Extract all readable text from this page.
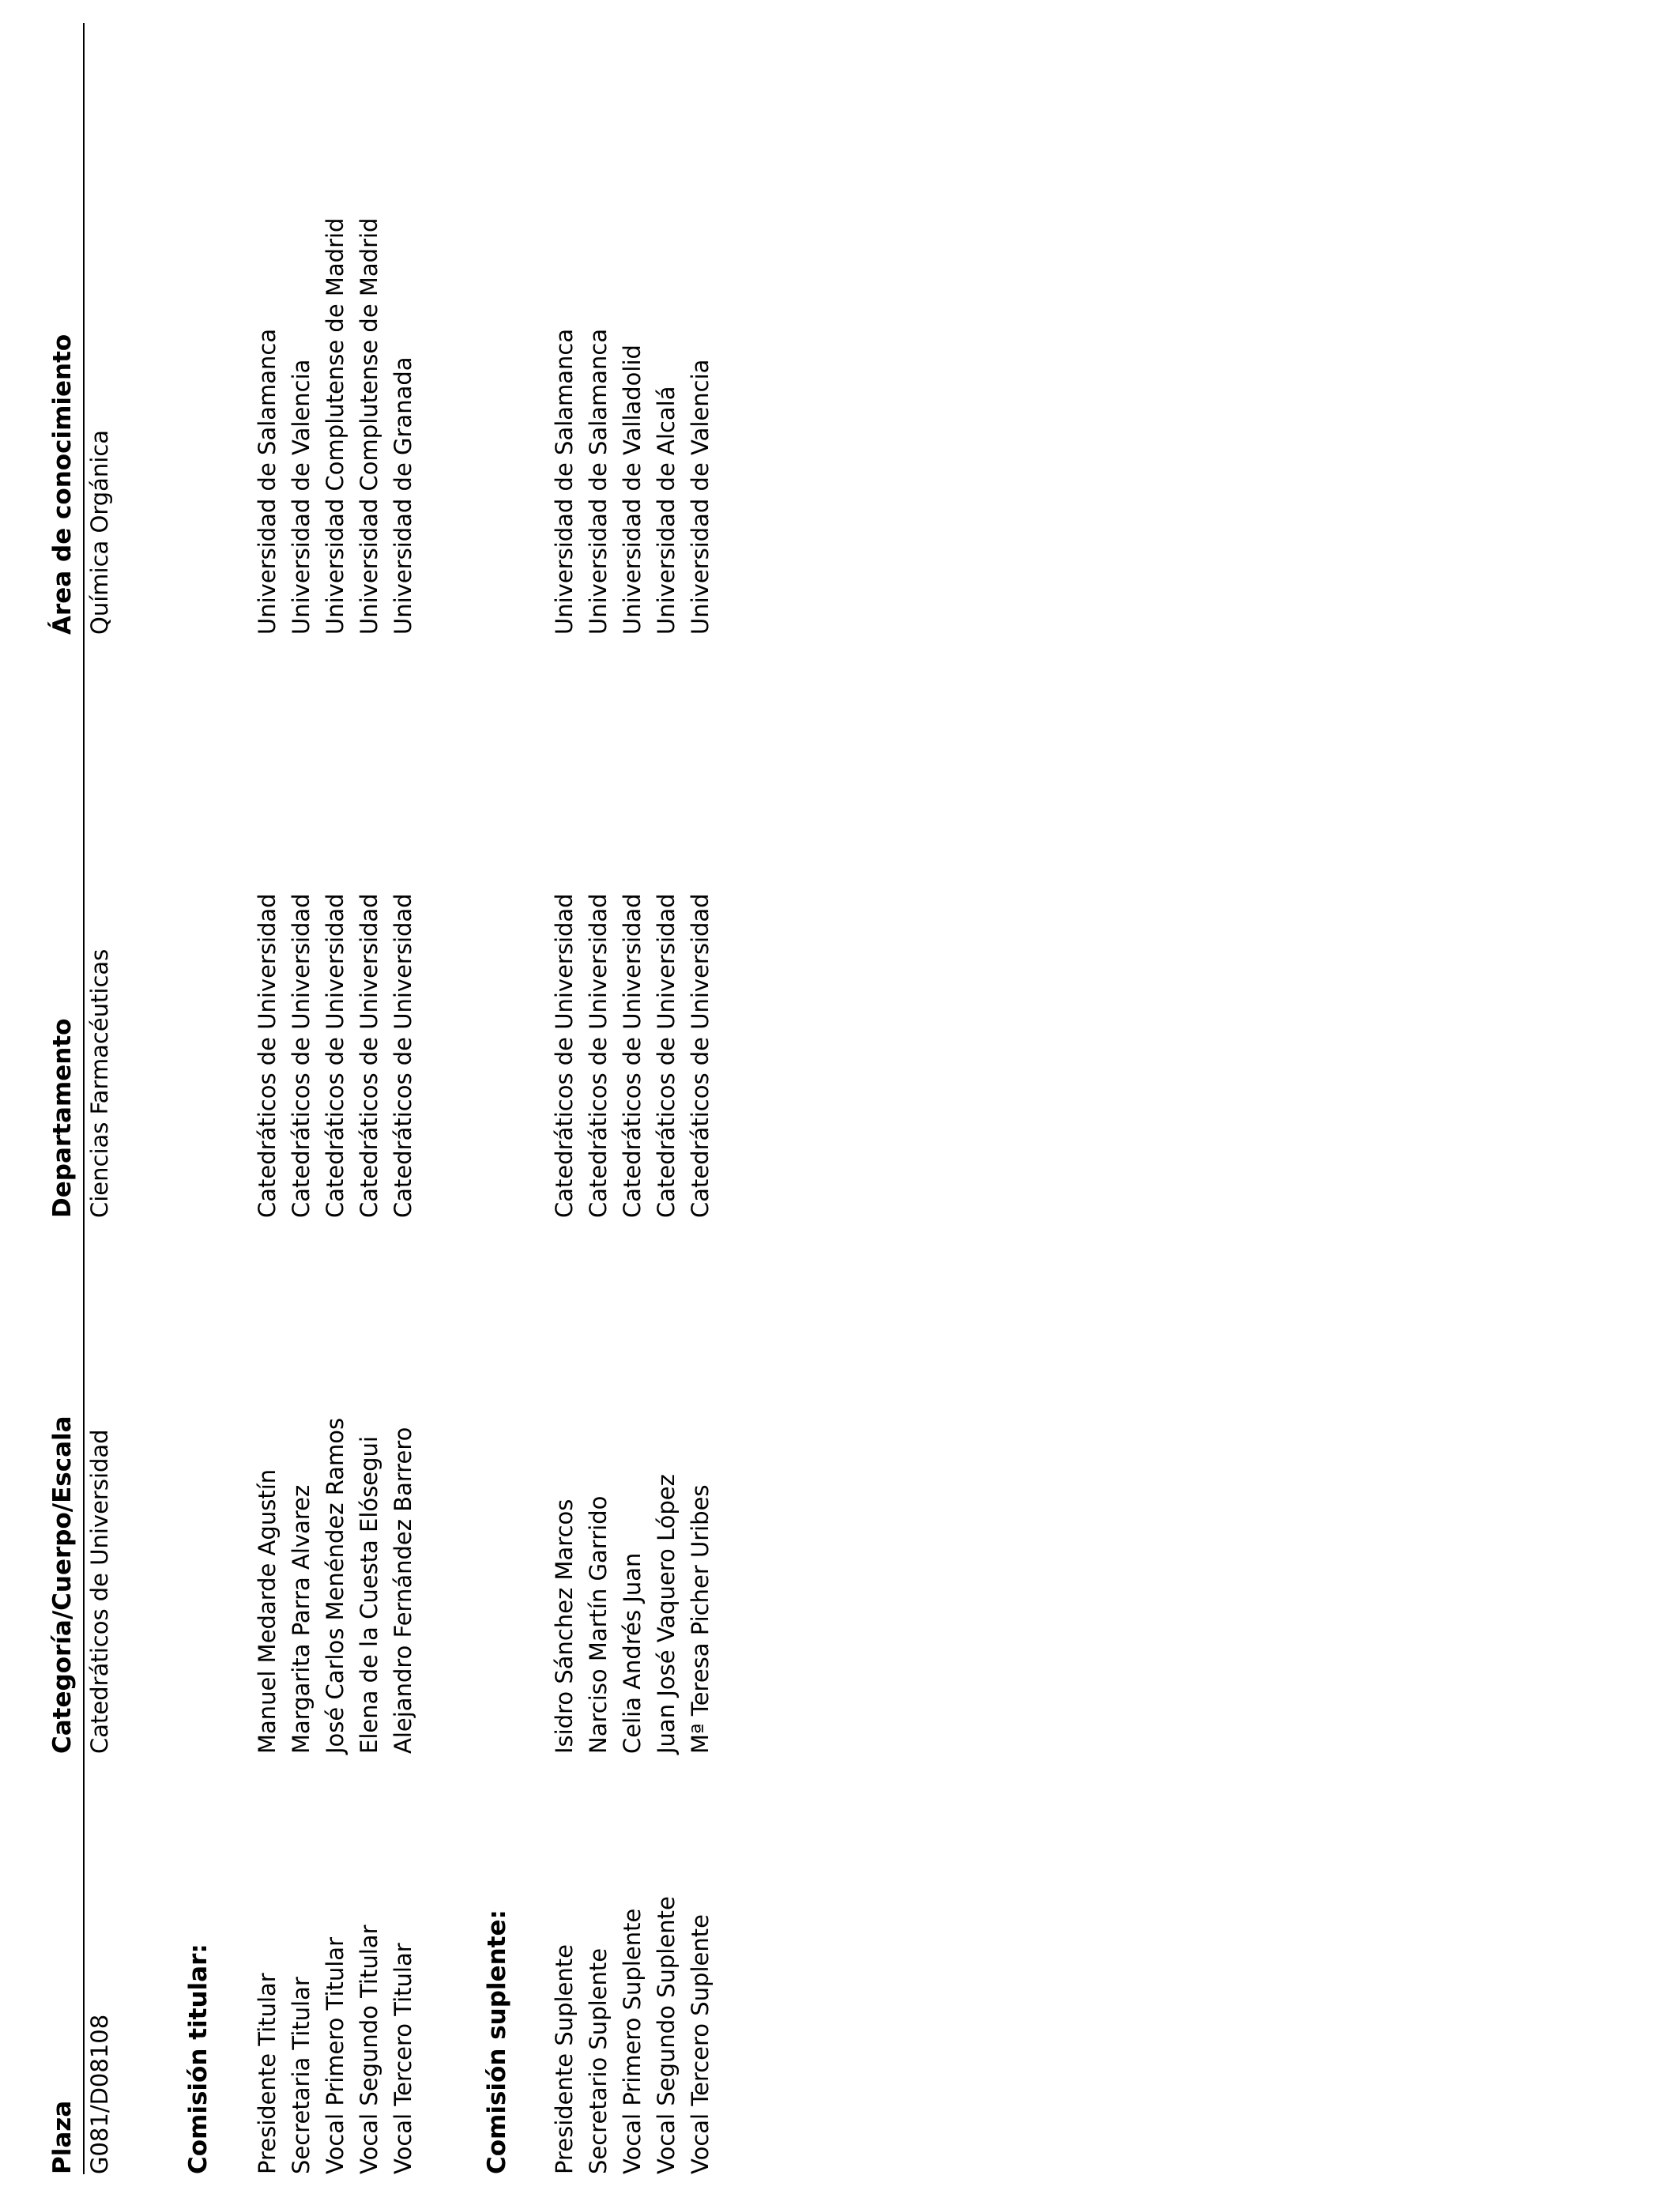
Plaza
Categoría/Cuerpo/Escala
Departamento
Área de conocimiento
G081/D08108
Catedráticos de Universidad
Ciencias Farmacéuticas
Química Orgánica
Comisión titular: Presidente Titular
Manuel Medarde Agustín
Catedráticos de Universidad
Universidad de Salamanca
Secretaria Titular
Margarita Parra Alvarez
Catedráticos de Universidad
Universidad de Valencia
Vocal Primero Titular
José Carlos Menéndez Ramos
Catedráticos de Universidad
Universidad Complutense de Madrid
Vocal Segundo Titular
Elena de la Cuesta Elósegui
Catedráticos de Universidad
Universidad Complutense de Madrid
Vocal Tercero Titular
Alejandro Fernández Barrero
Catedráticos de Universidad
Universidad de Granada
Comisión suplente: Presidente Suplente
Isidro Sánchez Marcos
Catedráticos de Universidad
Universidad de Salamanca
Secretario Suplente
Narciso Martín Garrido
Catedráticos de Universidad
Universidad de Salamanca
Vocal Primero Suplente
Celia Andrés Juan
Catedráticos de Universidad
Universidad de Valladolid
Vocal Segundo Suplente
Juan José Vaquero López
Catedráticos de Universidad
Universidad de Alcalá
Vocal Tercero Suplente
Mª Teresa Picher Uribes
Catedráticos de Universidad
Universidad de Valencia
